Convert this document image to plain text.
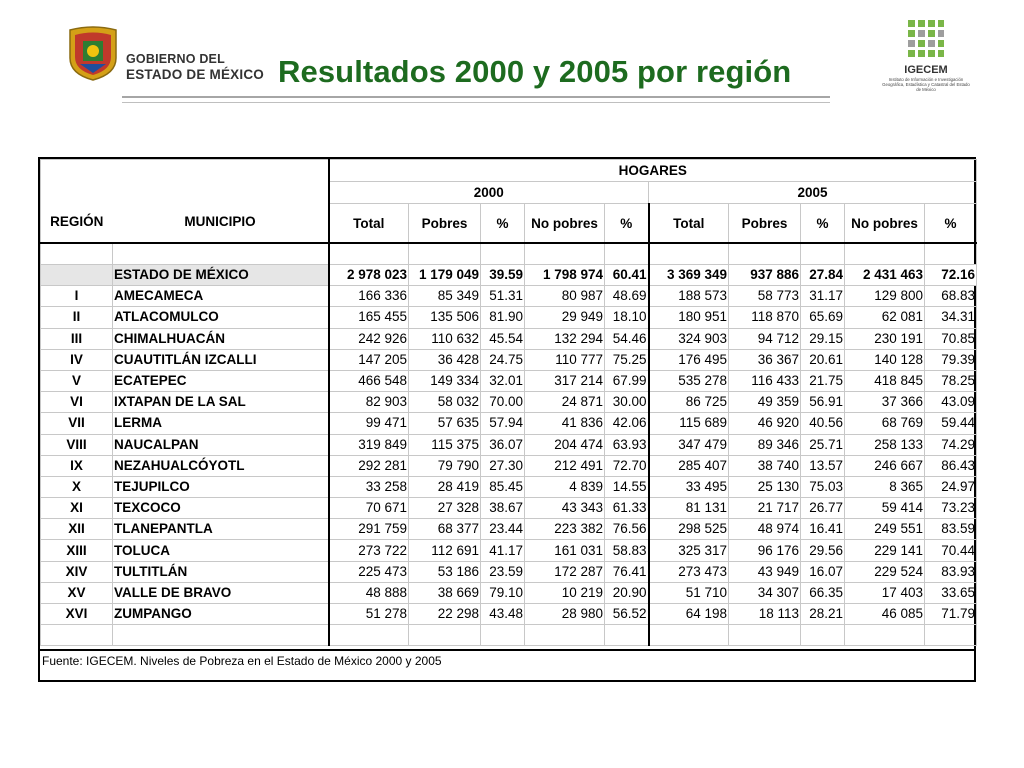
GOBIERNO DEL
ESTADO DE MÉXICO Resultados 2000 y 2005 por región	IGECEM
Instituto de Información e Investigación Geográfica, Estadística y Catastral del Estado de México
REGIÓN MUNICIPIO		HOGARES									
		2000					2005				
		Total	Pobres	%	No pobres	%	Total	Pobres	%	No pobres	%

	ESTADO DE MÉXICO	2 978 023	1 179 049	39.59	1 798 974	60.41	3 369 349	937 886	27.84	2 431 463	72.16
I	AMECAMECA	166 336	85 349	51.31	80 987	48.69	188 573	58 773	31.17	129 800	68.83
II	ATLACOMULCO	165 455	135 506	81.90	29 949	18.10	180 951	118 870	65.69	62 081	34.31
III	CHIMALHUACÁN	242 926	110 632	45.54	132 294	54.46	324 903	94 712	29.15	230 191	70.85
IV	CUAUTITLÁN IZCALLI	147 205	36 428	24.75	110 777	75.25	176 495	36 367	20.61	140 128	79.39
V	ECATEPEC	466 548	149 334	32.01	317 214	67.99	535 278	116 433	21.75	418 845	78.25
VI	IXTAPAN DE LA SAL	82 903	58 032	70.00	24 871	30.00	86 725	49 359	56.91	37 366	43.09
VII	LERMA	99 471	57 635	57.94	41 836	42.06	115 689	46 920	40.56	68 769	59.44
VIII	NAUCALPAN	319 849	115 375	36.07	204 474	63.93	347 479	89 346	25.71	258 133	74.29
IX	NEZAHUALCÓYOTL	292 281	79 790	27.30	212 491	72.70	285 407	38 740	13.57	246 667	86.43
X	TEJUPILCO	33 258	28 419	85.45	4 839	14.55	33 495	25 130	75.03	8 365	24.97
XI	TEXCOCO	70 671	27 328	38.67	43 343	61.33	81 131	21 717	26.77	59 414	73.23
XII	TLANEPANTLA	291 759	68 377	23.44	223 382	76.56	298 525	48 974	16.41	249 551	83.59
XIII	TOLUCA	273 722	112 691	41.17	161 031	58.83	325 317	96 176	29.56	229 141	70.44
XIV	TULTITLÁN	225 473	53 186	23.59	172 287	76.41	273 473	43 949	16.07	229 524	83.93
XV	VALLE DE BRAVO	48 888	38 669	79.10	10 219	20.90	51 710	34 307	66.35	17 403	33.65
XVI	ZUMPANGO	51 278	22 298	43.48	28 980	56.52	64 198	18 113	28.21	46 085	71.79

Fuente: IGECEM. Niveles de Pobreza en el Estado de México 2000 y 2005
